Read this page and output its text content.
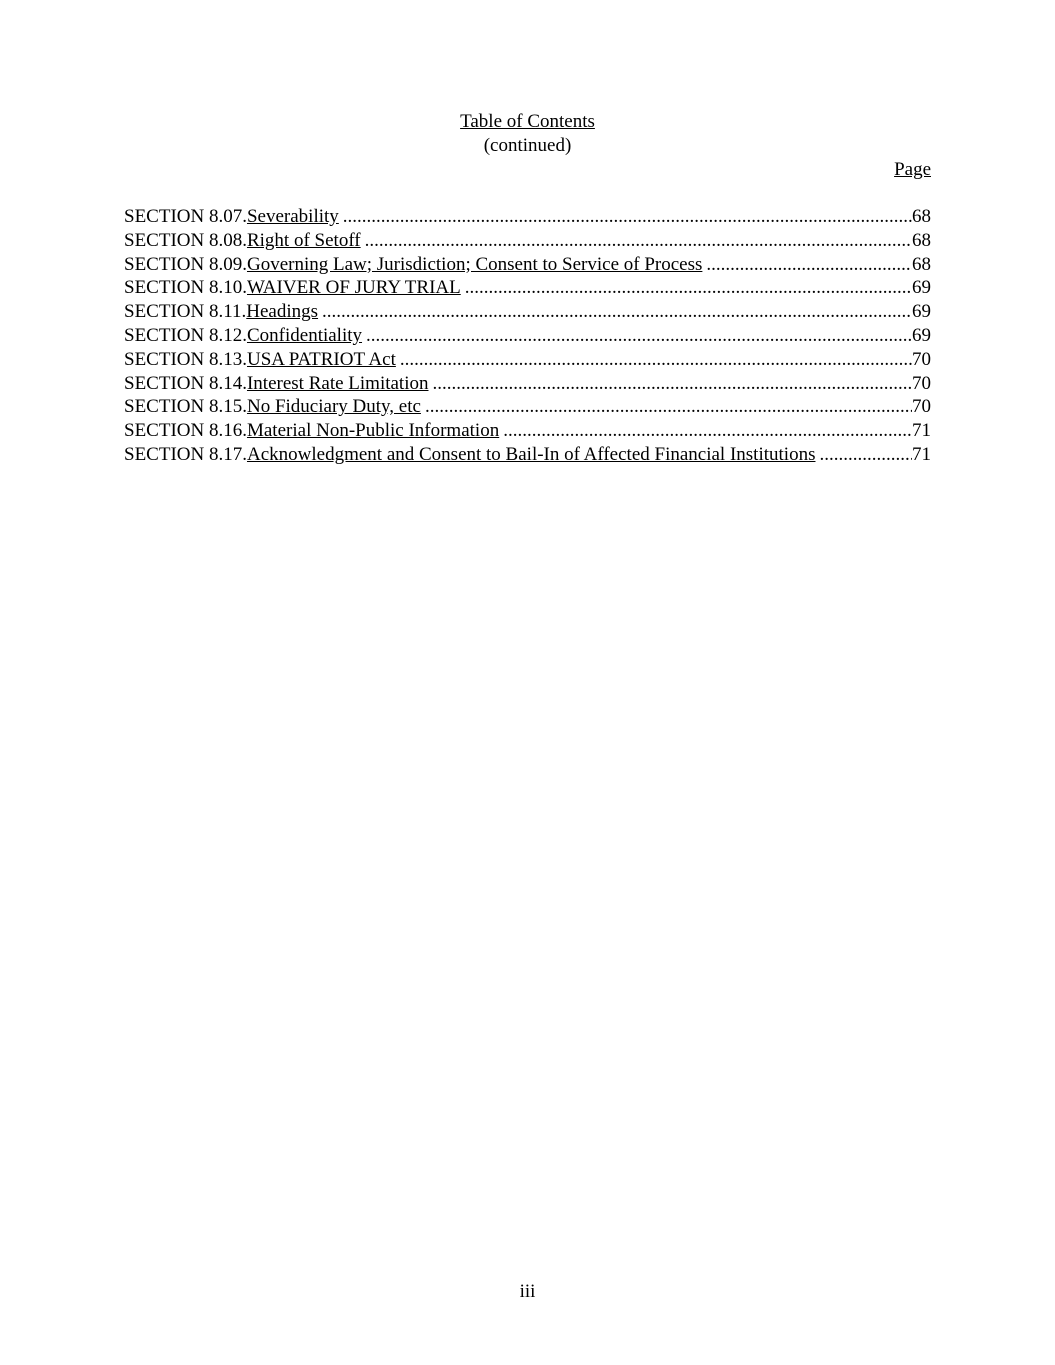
Table of Contents
(continued)
Page
SECTION 8.07. Severability .....	68
SECTION 8.08. Right of Setoff .....	68
SECTION 8.09. Governing Law; Jurisdiction; Consent to Service of Process .....	68
SECTION 8.10. WAIVER OF JURY TRIAL .....	69
SECTION 8.11. Headings .....	69
SECTION 8.12. Confidentiality .....	69
SECTION 8.13. USA PATRIOT Act .....	70
SECTION 8.14. Interest Rate Limitation .....	70
SECTION 8.15. No Fiduciary Duty, etc .....	70
SECTION 8.16. Material Non-Public Information .....	71
SECTION 8.17. Acknowledgment and Consent to Bail-In of Affected Financial Institutions .....	71
iii
